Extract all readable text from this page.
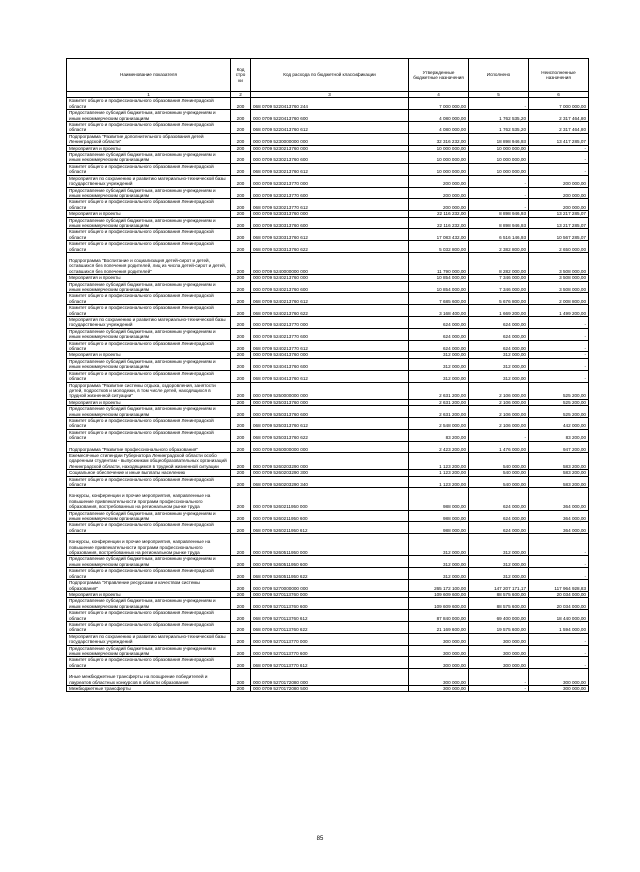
Наименование показателя	Код стро ки	Код расхода по бюджетной классификации	Утвержденные бюджетные назначения	Исполнено	Неисполненные назначения
1	2	3	4	5	6
Комитет общего и профессионального образования Ленинградской области	200	068 0709 5220413760 244	7 000 000,00	-	7 000 000,00
Предоставление субсидий бюджетным, автономным учреждениям и иным некоммерческим организациям	200	000 0709 5220413760 600	4 080 000,00	1 762 535,20	2 317 464,80
Комитет общего и профессионального образования Ленинградской области	200	068 0709 5220413760 612	4 080 000,00	1 762 535,20	2 317 464,80
Подпрограмма "Развитие дополнительного образования детей Ленинградской области"	200	000 0709 5230000000 000	32 316 232,00	18 898 946,93	13 417 285,07
Мероприятия и проекты	200	000 0709 5230213760 000	10 000 000,00	10 000 000,00	-
Предоставление субсидий бюджетным, автономным учреждениям и иным некоммерческим организациям	200	000 0709 5230213760 600	10 000 000,00	10 000 000,00	-
Комитет общего и профессионального образования Ленинградской области	200	068 0709 5230213760 612	10 000 000,00	10 000 000,00	-
Мероприятия по сохранению и развитию материально-технической базы государственных учреждений	200	000 0709 5230213770 000	200 000,00	-	200 000,00
Предоставление субсидий бюджетным, автономным учреждениям и иным некоммерческим организациям	200	000 0709 5230213770 600	200 000,00	-	200 000,00
Комитет общего и профессионального образования Ленинградской области	200	068 0709 5230213770 612	200 000,00	-	200 000,00
Мероприятия и проекты	200	000 0709 5230313760 000	22 116 232,00	8 898 946,93	13 217 285,07
Предоставление субсидий бюджетным, автономным учреждениям и иным некоммерческим организациям	200	000 0709 5230313760 600	22 116 232,00	8 898 946,93	13 217 285,07
Комитет общего и профессионального образования Ленинградской области	200	068 0709 5230313760 612	17 083 432,00	6 516 146,93	10 567 285,07
Комитет общего и профессионального образования Ленинградской области	200	068 0709 5230313760 622	5 032 800,00	2 382 800,00	2 650 000,00
Подпрограмма "Воспитание и социализация детей-сирот и детей, оставшихся без попечения родителей, лиц из числа детей-сирот и детей, оставшихся без попечения родителей"	200	000 0709 5240000000 000	11 790 000,00	8 282 000,00	3 508 000,00
Мероприятия и проекты	200	000 0709 5240213760 000	10 854 000,00	7 346 000,00	3 508 000,00
Предоставление субсидий бюджетным, автономным учреждениям и иным некоммерческим организациям	200	000 0709 5240213760 600	10 854 000,00	7 346 000,00	3 508 000,00
Комитет общего и профессионального образования Ленинградской области	200	068 0709 5240213760 612	7 685 600,00	5 676 800,00	2 008 800,00
Комитет общего и профессионального образования Ленинградской области	200	068 0709 5240213760 622	3 168 400,00	1 669 200,00	1 499 200,00
Мероприятия по сохранению и развитию материально-технической базы государственных учреждений	200	000 0709 5240213770 000	624 000,00	624 000,00	-
Предоставление субсидий бюджетным, автономным учреждениям и иным некоммерческим организациям	200	000 0709 5240213770 600	624 000,00	624 000,00	-
Комитет общего и профессионального образования Ленинградской области	200	068 0709 5240213770 612	624 000,00	624 000,00	-
Мероприятия и проекты	200	000 0709 5240413760 000	312 000,00	312 000,00	-
Предоставление субсидий бюджетным, автономным учреждениям и иным некоммерческим организациям	200	000 0709 5240413760 600	312 000,00	312 000,00	-
Комитет общего и профессионального образования Ленинградской области	200	068 0709 5240413760 612	312 000,00	312 000,00	-
Подпрограмма "Развитие системы отдыха, оздоровления, занятости детей, подростков и молодежи, в том числе детей, находящихся в трудной жизненной ситуации"	200	000 0709 5250000000 000	2 631 200,00	2 106 000,00	525 200,00
Мероприятия и проекты	200	000 0709 5250313760 000	2 631 200,00	2 106 000,00	525 200,00
Предоставление субсидий бюджетным, автономным учреждениям и иным некоммерческим организациям	200	000 0709 5250313760 600	2 631 200,00	2 106 000,00	525 200,00
Комитет общего и профессионального образования Ленинградской области	200	068 0709 5250313760 612	2 548 000,00	2 106 000,00	442 000,00
Комитет общего и профессионального образования Ленинградской области	200	068 0709 5250313760 622	83 200,00	-	83 200,00
Подпрограмма "Развитие профессионального образования"	200	000 0709 5260000000 000	2 423 200,00	1 476 000,00	947 200,00
Ежемесячные стипендии Губернатора Ленинградской области особо одаренным студентам - выпускникам общеобразовательных организаций Ленинградской области, находящимся в трудной жизненной ситуации	200	000 0709 5260203290 000	1 123 200,00	540 000,00	583 200,00
Социальное обеспечение и иные выплаты населению	200	000 0709 5260203290 300	1 123 200,00	540 000,00	583 200,00
Комитет общего и профессионального образования Ленинградской области	200	068 0709 5260203290 340	1 123 200,00	540 000,00	583 200,00
Конкурсы, конференции и прочие мероприятия, направленные на повышение привлекательности программ профессионального образования, востребованных на региональном рынке труда	200	000 0709 5260211950 000	988 000,00	624 000,00	364 000,00
Предоставление субсидий бюджетным, автономным учреждениям и иным некоммерческим организациям	200	000 0709 5260211950 600	988 000,00	624 000,00	364 000,00
Комитет общего и профессионального образования Ленинградской области	200	068 0709 5260211950 612	988 000,00	624 000,00	364 000,00
Конкурсы, конференции и прочие мероприятия, направленные на повышение привлекательности программ профессионального образования, востребованных на региональном рынке труда	200	000 0709 5260511950 000	312 000,00	312 000,00	-
Предоставление субсидий бюджетным, автономным учреждениям и иным некоммерческим организациям	200	000 0709 5260511950 600	312 000,00	312 000,00	-
Комитет общего и профессионального образования Ленинградской области	200	068 0709 5260511950 622	312 000,00	312 000,00	-
Подпрограмма "Управление ресурсами и качеством системы образования"	200	000 0709 5270000000 000	265 172 100,00	147 207 171,17	117 964 928,83
Мероприятия и проекты	200	000 0709 5270113760 000	109 609 600,00	88 575 600,00	20 034 000,00
Предоставление субсидий бюджетным, автономным учреждениям и иным некоммерческим организациям	200	000 0709 5270113760 600	109 609 600,00	88 575 600,00	20 034 000,00
Комитет общего и профессионального образования Ленинградской области	200	068 0709 5270113760 612	87 840 000,00	69 400 000,00	18 440 000,00
Комитет общего и профессионального образования Ленинградской области	200	068 0709 5270113760 622	21 169 600,00	19 575 600,00	1 594 000,00
Мероприятия по сохранению и развитию материально-технической базы государственных учреждений	200	000 0709 5270113770 000	300 000,00	300 000,00	-
Предоставление субсидий бюджетным, автономным учреждениям и иным некоммерческим организациям	200	000 0709 5270113770 600	300 000,00	300 000,00	-
Комитет общего и профессионального образования Ленинградской области	200	068 0709 5270113770 612	300 000,00	300 000,00	-
Иные межбюджетные трансферты на поощрение победителей и лауреатов областных конкурсов в области образования	200	000 0709 5270172080 000	300 000,00	-	300 000,00
Межбюджетные трансферты	200	000 0709 5270172080 500	300 000,00	-	300 000,00
85
